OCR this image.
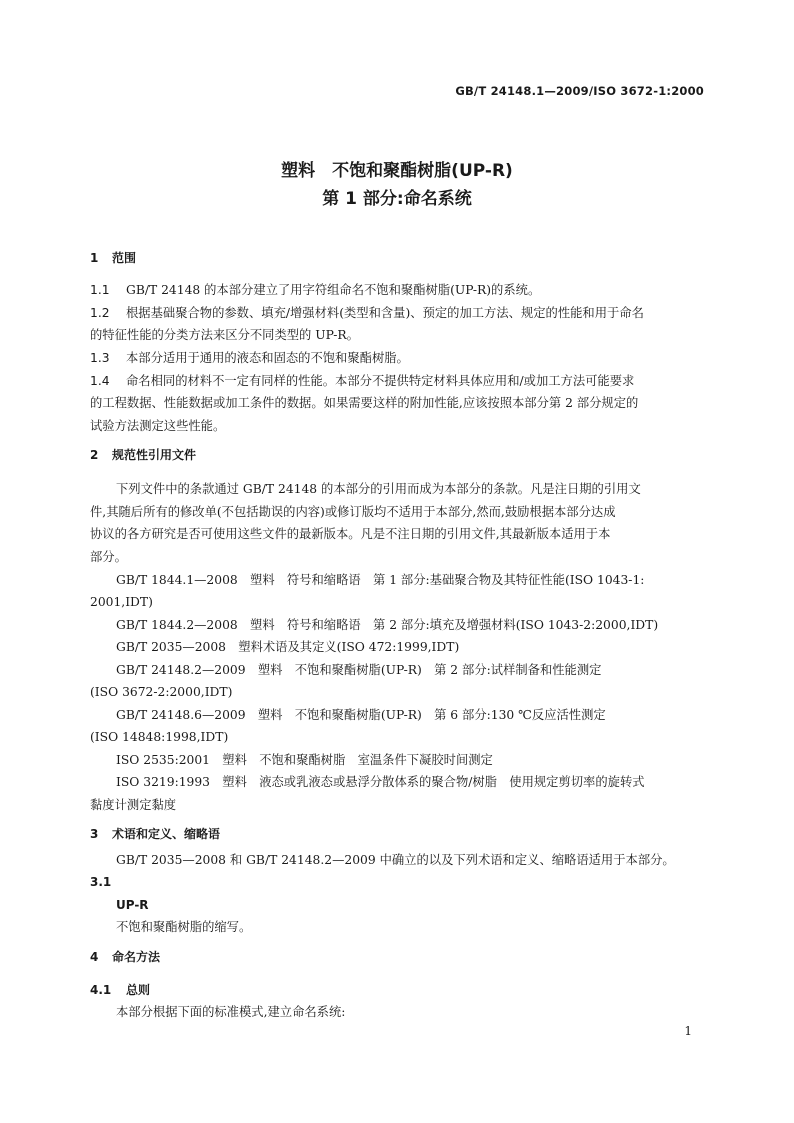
GB/T 24148.1—2009/ISO 3672-1:2000
塑料　不饱和聚酯树脂(UP-R)
第 1 部分:命名系统
1 范围
1.1 GB/T 24148 的本部分建立了用字符组命名不饱和聚酯树脂(UP-R)的系统。
1.2 根据基础聚合物的参数、填充/增强材料(类型和含量)、预定的加工方法、规定的性能和用于命名
的特征性能的分类方法来区分不同类型的 UP-R。
1.3 本部分适用于通用的液态和固态的不饱和聚酯树脂。
1.4 命名相同的材料不一定有同样的性能。本部分不提供特定材料具体应用和/或加工方法可能要求
的工程数据、性能数据或加工条件的数据。如果需要这样的附加性能,应该按照本部分第 2 部分规定的
试验方法测定这些性能。
2 规范性引用文件
下列文件中的条款通过 GB/T 24148 的本部分的引用而成为本部分的条款。凡是注日期的引用文
件,其随后所有的修改单(不包括勘误的内容)或修订版均不适用于本部分,然而,鼓励根据本部分达成
协议的各方研究是否可使用这些文件的最新版本。凡是不注日期的引用文件,其最新版本适用于本
部分。
GB/T 1844.1—2008　塑料　符号和缩略语　第 1 部分:基础聚合物及其特征性能(ISO 1043-1:
2001,IDT)
GB/T 1844.2—2008　塑料　符号和缩略语　第 2 部分:填充及增强材料(ISO 1043-2:2000,IDT)
GB/T 2035—2008　塑料术语及其定义(ISO 472:1999,IDT)
GB/T 24148.2—2009　塑料　不饱和聚酯树脂(UP-R)　第 2 部分:试样制备和性能测定
(ISO 3672-2:2000,IDT)
GB/T 24148.6—2009　塑料　不饱和聚酯树脂(UP-R)　第 6 部分:130 ℃反应活性测定
(ISO 14848:1998,IDT)
ISO 2535:2001　塑料　不饱和聚酯树脂　室温条件下凝胶时间测定
ISO 3219:1993　塑料　液态或乳液态或悬浮分散体系的聚合物/树脂　使用规定剪切率的旋转式
黏度计测定黏度
3 术语和定义、缩略语
GB/T 2035—2008 和 GB/T 24148.2—2009 中确立的以及下列术语和定义、缩略语适用于本部分。
3.1
UP-R
不饱和聚酯树脂的缩写。
4 命名方法
4.1 总则
本部分根据下面的标准模式,建立命名系统:
1
